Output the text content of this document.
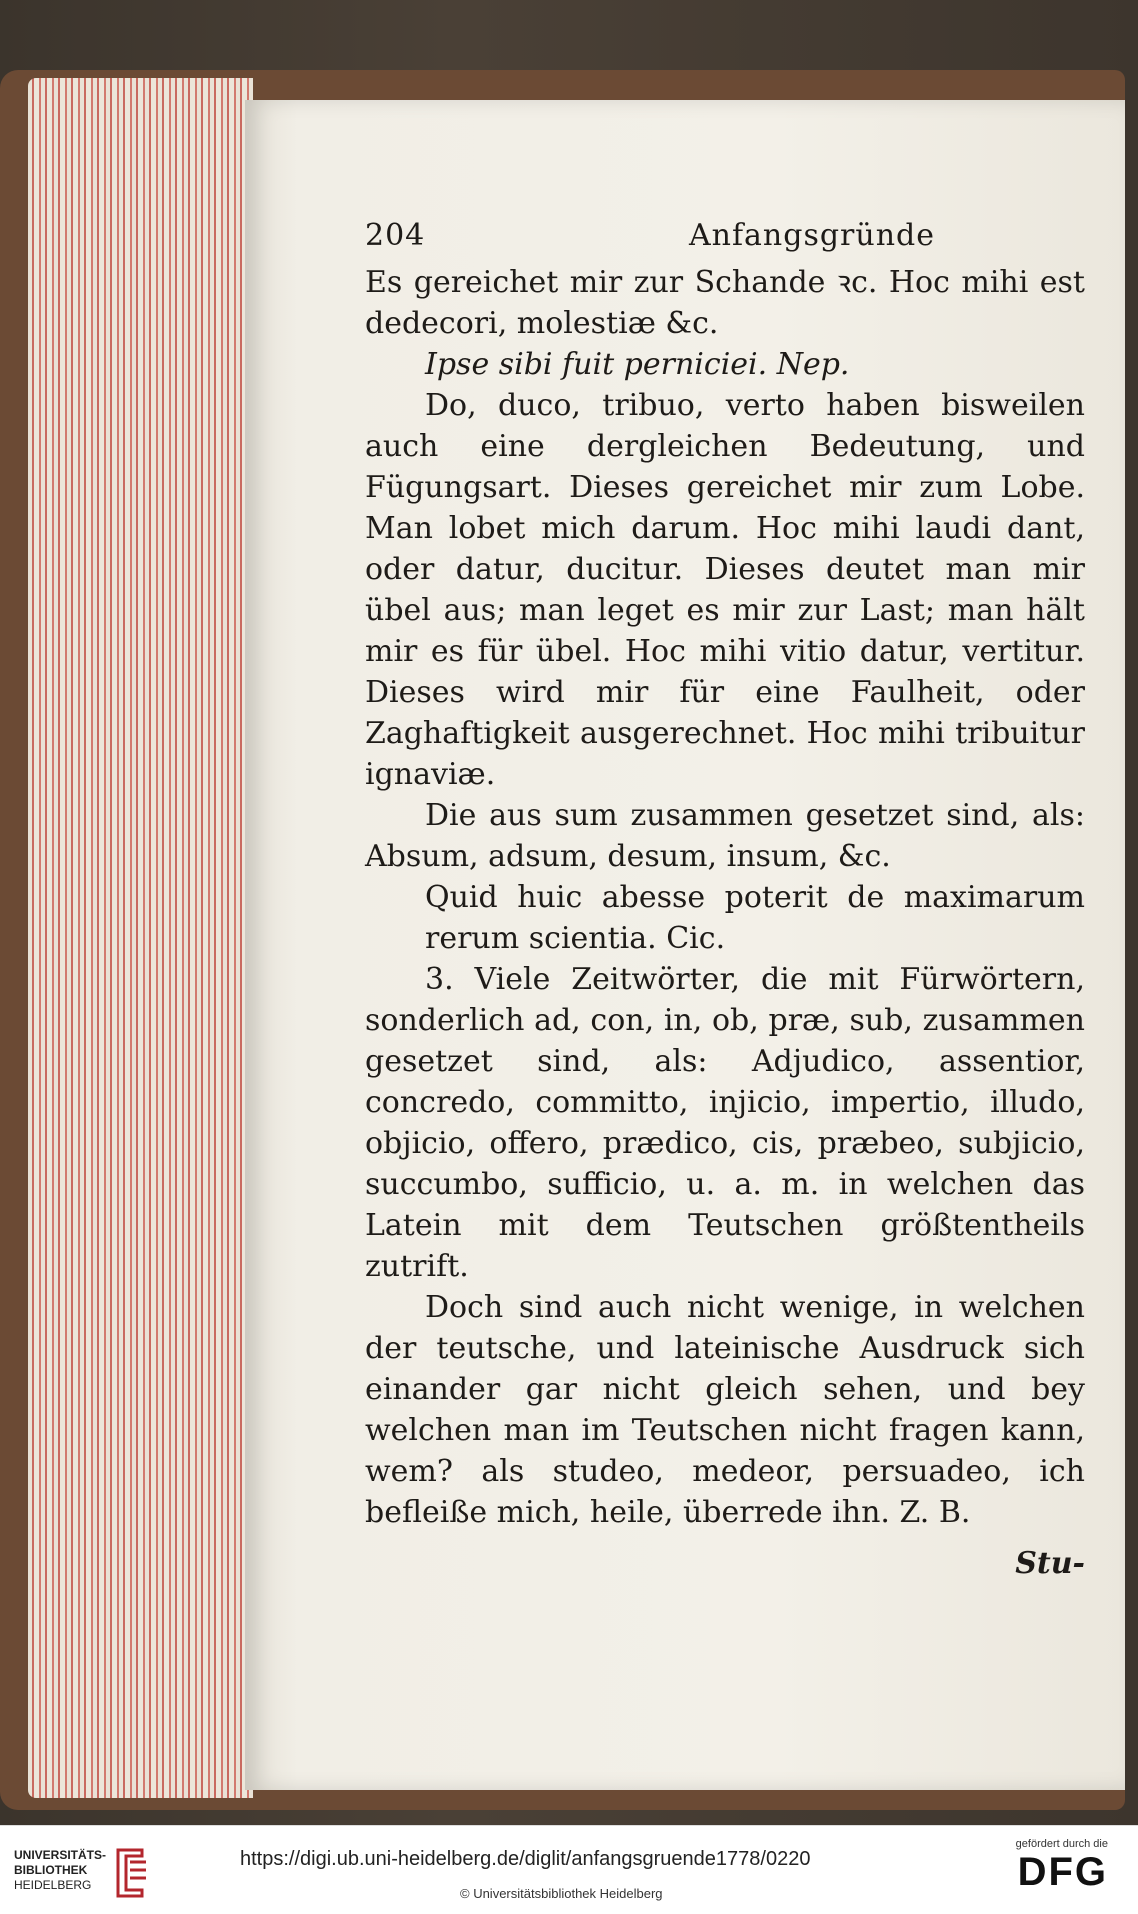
204	Anfangsgründe

Es gereichet mir zur Schande ꝛc. Hoc mihi est dedecori, molestiæ &c.

Ipse sibi fuit perniciei. Nep.

Do, duco, tribuo, verto haben bisweilen auch eine dergleichen Bedeutung, und Fügungsart. Dieses gereichet mir zum Lobe. Man lobet mich darum. Hoc mihi laudi dant, oder datur, ducitur. Dieses deutet man mir übel aus; man leget es mir zur Last; man hält mir es für übel. Hoc mihi vitio datur, vertitur. Dieses wird mir für eine Faulheit, oder Zaghaftigkeit ausgerechnet. Hoc mihi tribuitur ignaviæ.

Die aus sum zusammen gesetzet sind, als: Absum, adsum, desum, insum, &c.

Quid huic abesse poterit de maximarum rerum scientia. Cic.

3. Viele Zeitwörter, die mit Fürwörtern, sonderlich ad, con, in, ob, præ, sub, zusammen gesetzet sind, als: Adjudico, assentior, concredo, committo, injicio, impertio, illudo, objicio, offero, prædico, cis, præbeo, subjicio, succumbo, sufficio, u. a. m. in welchen das Latein mit dem Teutschen größtentheils zutrift.

Doch sind auch nicht wenige, in welchen der teutsche, und lateinische Ausdruck sich einander gar nicht gleich sehen, und bey welchen man im Teutschen nicht fragen kann, wem? als studeo, medeor, persuadeo, ich befleiße mich, heile, überrede ihn. Z. B.

Stu-
UNIVERSITÄTS-
BIBLIOTHEK
HEIDELBERG
https://digi.ub.uni-heidelberg.de/diglit/anfangsgruende1778/0220
© Universitätsbibliothek Heidelberg
gefördert durch die
DFG
